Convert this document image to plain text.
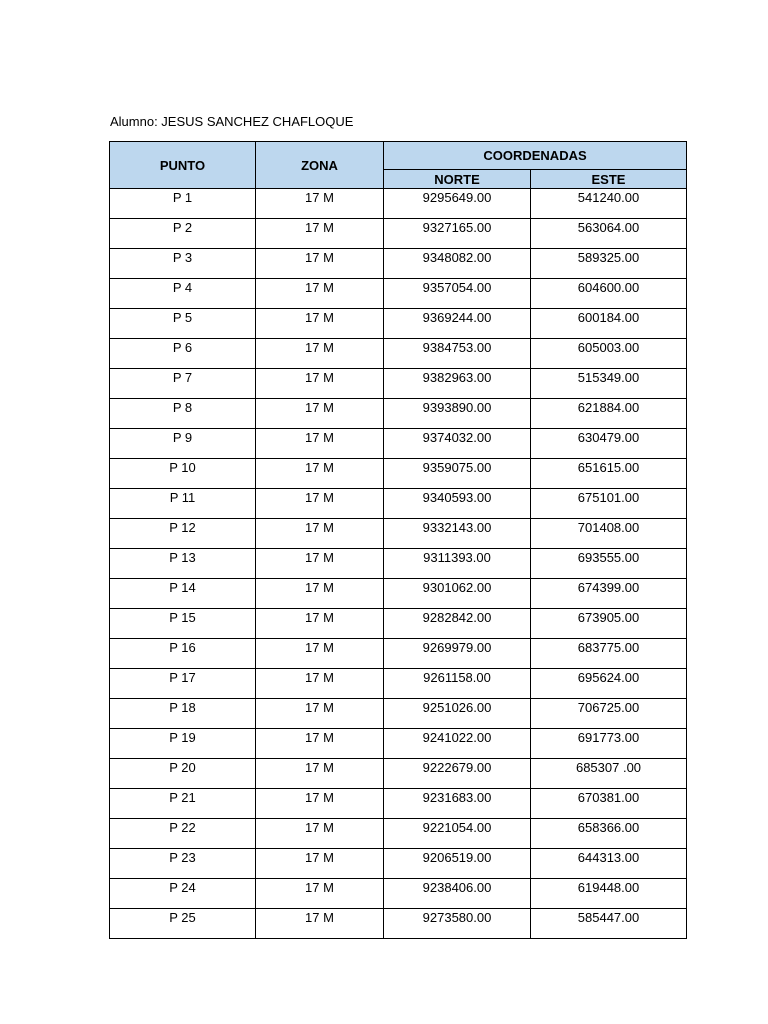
Alumno: JESUS SANCHEZ CHAFLOQUE
PUNTO	ZONA	COORDENADAS	
		NORTE	ESTE
P 1	17 M	9295649.00	541240.00
P 2	17 M	9327165.00	563064.00
P 3	17 M	9348082.00	589325.00
P 4	17 M	9357054.00	604600.00
P 5	17 M	9369244.00	600184.00
P 6	17 M	9384753.00	605003.00
P 7	17 M	9382963.00	515349.00
P 8	17 M	9393890.00	621884.00
P 9	17 M	9374032.00	630479.00
P 10	17 M	9359075.00	651615.00
P 11	17 M	9340593.00	675101.00
P 12	17 M	9332143.00	701408.00
P 13	17 M	9311393.00	693555.00
P 14	17 M	9301062.00	674399.00
P 15	17 M	9282842.00	673905.00
P 16	17 M	9269979.00	683775.00
P 17	17 M	9261158.00	695624.00
P 18	17 M	9251026.00	706725.00
P 19	17 M	9241022.00	691773.00
P 20	17 M	9222679.00	685307 .00
P 21	17 M	9231683.00	670381.00
P 22	17 M	9221054.00	658366.00
P 23	17 M	9206519.00	644313.00
P 24	17 M	9238406.00	619448.00
P 25	17 M	9273580.00	585447.00
